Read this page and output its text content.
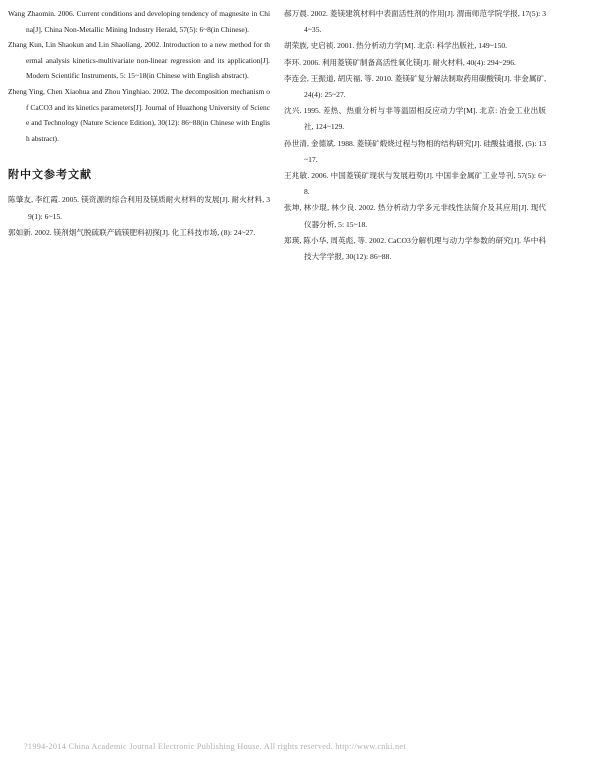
Wang Zhaomin. 2006. Current conditions and developing tendency of magnesite in China[J]. China Non-Metallic Mining Industry Herald, 57(5): 6~8(in Chinese).

Zhang Kun, Lin Shaokun and Lin Shaoliang. 2002. Introduction to a new method for thermal analysis kinetics-multivariate non-linear regression and its application[J]. Modern Scientific Instruments, 5: 15~18(in Chinese with English abstract).

Zheng Ying, Chen Xiaohua and Zhou Yinghiao. 2002. The decomposition mechanism of CaCO3 and its kinetics parameters[J]. Journal of Huazhong University of Science and Technology (Nature Science Edition), 30(12): 86~88(in Chinese with English abstract).

附中文参考文献

陈肇友, 李红霞. 2005. 镁资源的综合利用及镁质耐火材料的发展[J]. 耐火材料, 39(1): 6~15.

郭如新. 2002. 镁剂烟气脱硫联产硫镁肥料初探[J]. 化工科技市场, (8): 24~27.

郝万晨. 2002. 菱镁建筑材料中表面活性剂的作用[J]. 渭南师范学院学报, 17(5): 34~35.

胡荣族, 史启祯. 2001. 热分析动力学[M]. 北京: 科学出版社, 149~150.

李环. 2006. 利用菱镁矿制备高活性氧化镁[J]. 耐火材料, 40(4): 294~296.

李连会, 王振道, 胡庆福, 等. 2010. 菱镁矿复分解法制取药用碳酸镁[J]. 非金属矿, 24(4): 25~27.

沈兴. 1995. 差热、热重分析与非等温固相反应动力学[M]. 北京: 冶金工业出版社, 124~129.

孙世清, 金德斌. 1988. 菱镁矿煅烧过程与物相的结构研究[J]. 硅酸盐通报, (5): 13~17.

王兆敏. 2006. 中国菱镁矿现状与发展趋势[J]. 中国非金属矿工业导刊, 57(5): 6~8.

张坤, 林少琨, 林少良. 2002. 热分析动力学多元非线性法简介及其应用[J]. 现代仪器分析, 5: 15~18.

郑瑛, 陈小华, 周英彪, 等. 2002. CaCO3分解机理与动力学参数的研究[J]. 华中科技大学学报, 30(12): 86~88.

?1994-2014 China Academic Journal Electronic Publishing House. All rights reserved. http://www.cnki.net
